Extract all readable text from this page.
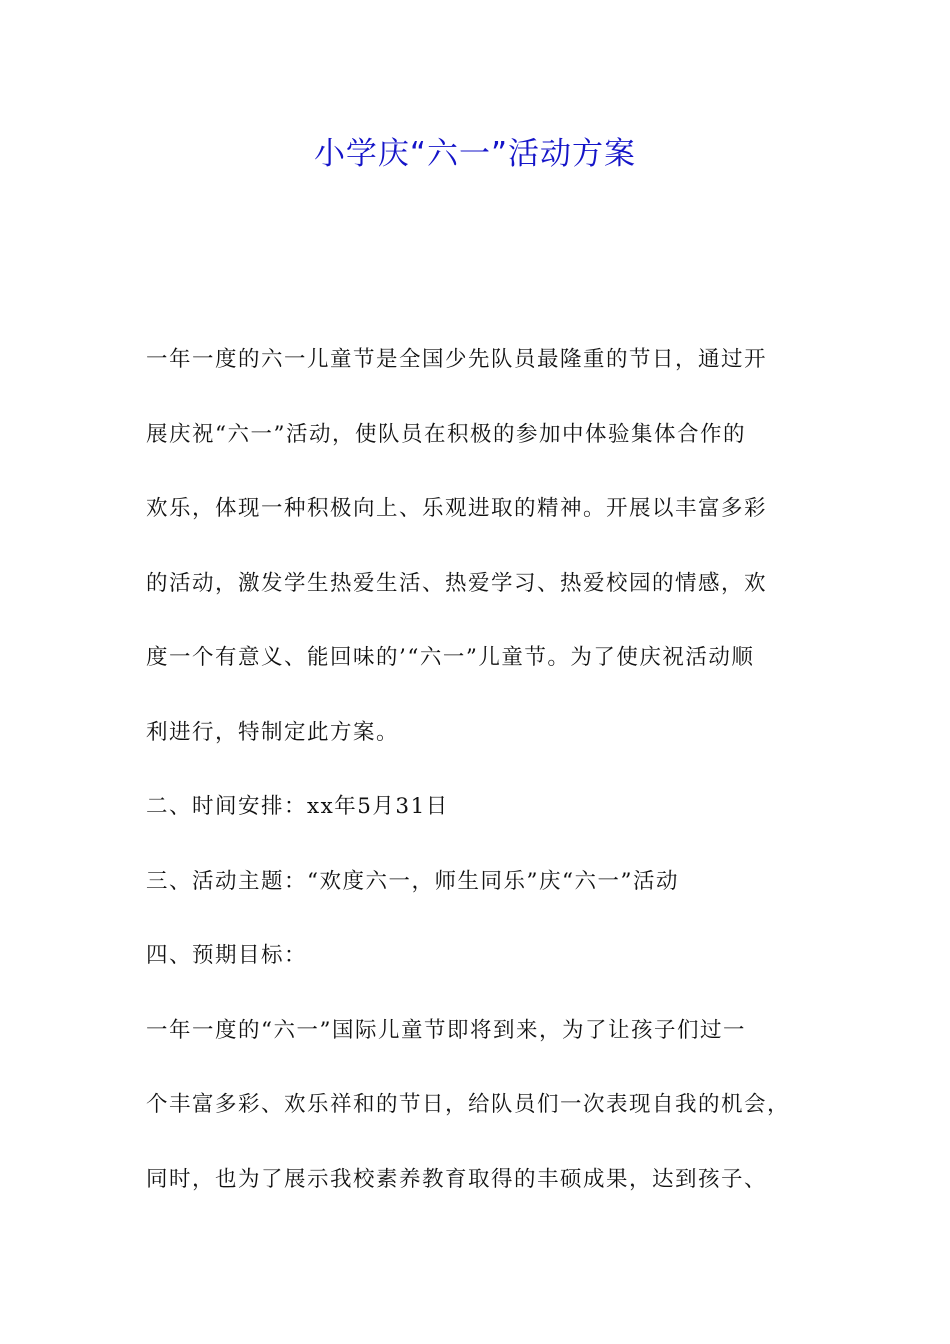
小学庆“六一”活动方案
一年一度的六一儿童节是全国少先队员最隆重的节日，通过开
展庆祝“六一”活动，使队员在积极的参加中体验集体合作的
欢乐，体现一种积极向上、乐观进取的精神。开展以丰富多彩
的活动，激发学生热爱生活、热爱学习、热爱校园的情感，欢
度一个有意义、能回味的’“六一”儿童节。为了使庆祝活动顺
利进行，特制定此方案。
二、时间安排：xx年5月31日
三、活动主题：“欢度六一，师生同乐”庆“六一”活动
四、预期目标：
一年一度的“六一”国际儿童节即将到来，为了让孩子们过一
个丰富多彩、欢乐祥和的节日，给队员们一次表现自我的机会，
同时，也为了展示我校素养教育取得的丰硕成果，达到孩子、
